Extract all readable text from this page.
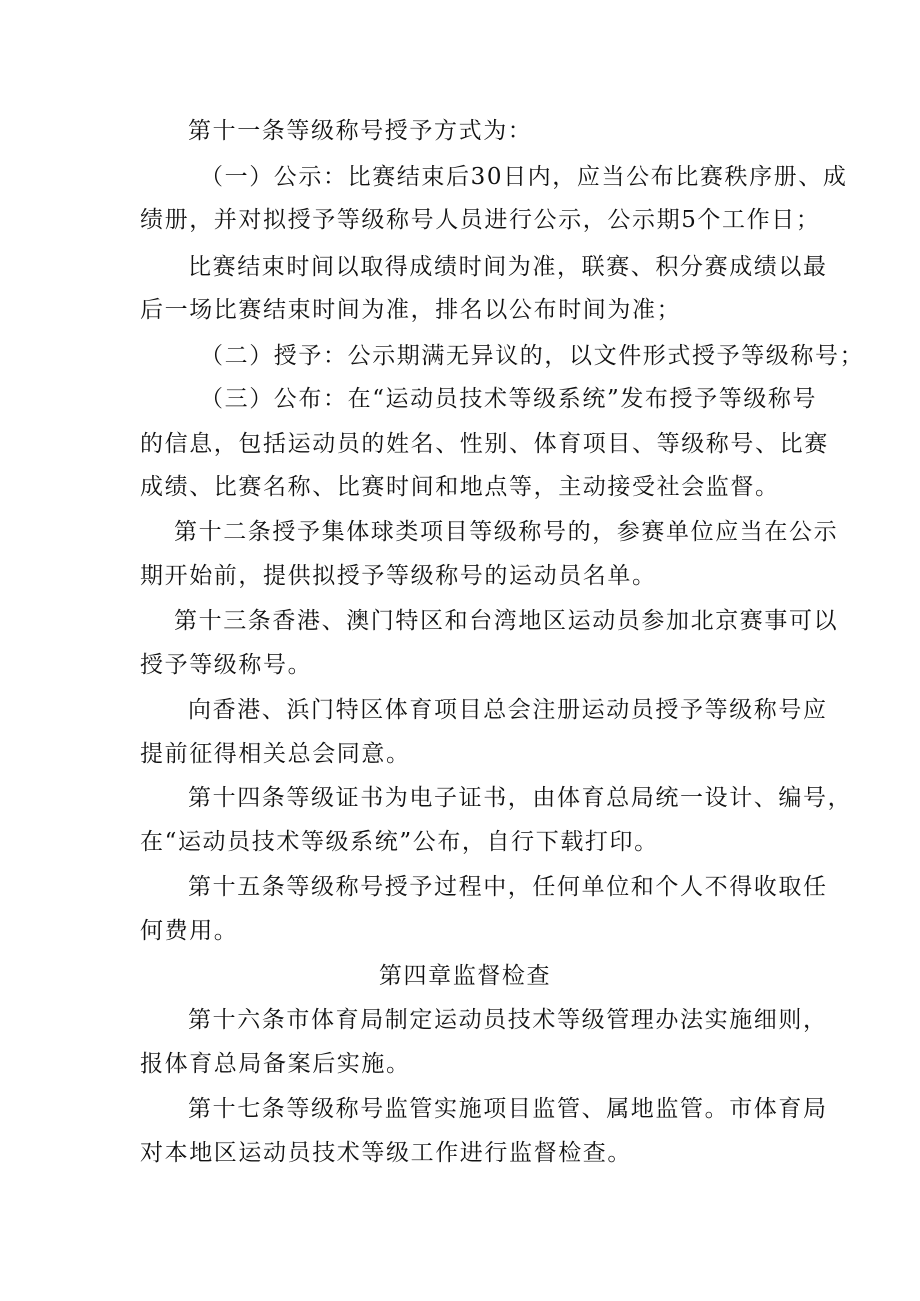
第十一条等级称号授予方式为：
（一）公示：比赛结束后30日内，应当公布比赛秩序册、成
绩册，并对拟授予等级称号人员进行公示，公示期5个工作日；
比赛结束时间以取得成绩时间为准，联赛、积分赛成绩以最
后一场比赛结束时间为准，排名以公布时间为准；
（二）授予：公示期满无异议的，以文件形式授予等级称号；
（三）公布：在“运动员技术等级系统”发布授予等级称号
的信息，包括运动员的姓名、性别、体育项目、等级称号、比赛
成绩、比赛名称、比赛时间和地点等，主动接受社会监督。
第十二条授予集体球类项目等级称号的，参赛单位应当在公示
期开始前，提供拟授予等级称号的运动员名单。
第十三条香港、澳门特区和台湾地区运动员参加北京赛事可以
授予等级称号。
向香港、浜门特区体育项目总会注册运动员授予等级称号应
提前征得相关总会同意。
第十四条等级证书为电子证书，由体育总局统一设计、编号，
在“运动员技术等级系统”公布，自行下载打印。
第十五条等级称号授予过程中，任何单位和个人不得收取任
何费用。
第四章监督检查
第十六条市体育局制定运动员技术等级管理办法实施细则，
报体育总局备案后实施。
第十七条等级称号监管实施项目监管、属地监管。市体育局
对本地区运动员技术等级工作进行监督检查。
